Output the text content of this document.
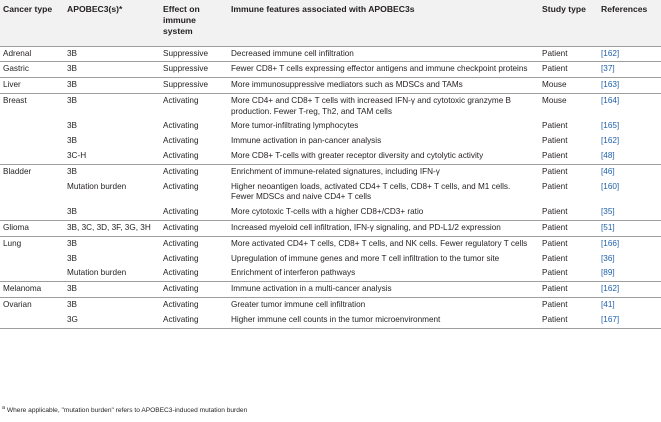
Cancer type	APOBEC3(s)*	Effect on immune system	Immune features associated with APOBEC3s	Study type	References
Adrenal	3B	Suppressive	Decreased immune cell infiltration	Patient	[162]
Gastric	3B	Suppressive	Fewer CD8+ T cells expressing effector antigens and immune checkpoint proteins	Patient	[37]
Liver	3B	Suppressive	More immunosuppressive mediators such as MDSCs and TAMs	Mouse	[163]
Breast	3B	Activating	More CD4+ and CD8+ T cells with increased IFN-γ and cytotoxic granzyme B production. Fewer T-reg, Th2, and TAM cells	Mouse	[164]
	3B	Activating	More tumor-infiltrating lymphocytes	Patient	[165]
	3B	Activating	Immune activation in pan-cancer analysis	Patient	[162]
	3C-H	Activating	More CD8+ T-cells with greater receptor diversity and cytolytic activity	Patient	[48]
Bladder	3B	Activating	Enrichment of immune-related signatures, including IFN-γ	Patient	[46]
	Mutation burden	Activating	Higher neoantigen loads, activated CD4+ T cells, CD8+ T cells, and M1 cells. Fewer MDSCs and naive CD4+ T cells	Patient	[160]
	3B	Activating	More cytotoxic T-cells with a higher CD8+/CD3+ ratio	Patient	[35]
Glioma	3B, 3C, 3D, 3F, 3G, 3H	Activating	Increased myeloid cell infiltration, IFN-γ signaling, and PD-L1/2 expression	Patient	[51]
Lung	3B	Activating	More activated CD4+ T cells, CD8+ T cells, and NK cells. Fewer regulatory T cells	Patient	[166]
	3B	Activating	Upregulation of immune genes and more T cell infiltration to the tumor site	Patient	[36]
	Mutation burden	Activating	Enrichment of interferon pathways	Patient	[89]
Melanoma	3B	Activating	Immune activation in a multi-cancer analysis	Patient	[162]
Ovarian	3B	Activating	Greater tumor immune cell infiltration	Patient	[41]
	3G	Activating	Higher immune cell counts in the tumor microenvironment	Patient	[167]
$^a$ Where applicable, "mutation burden" refers to APOBEC3-induced mutation burden
